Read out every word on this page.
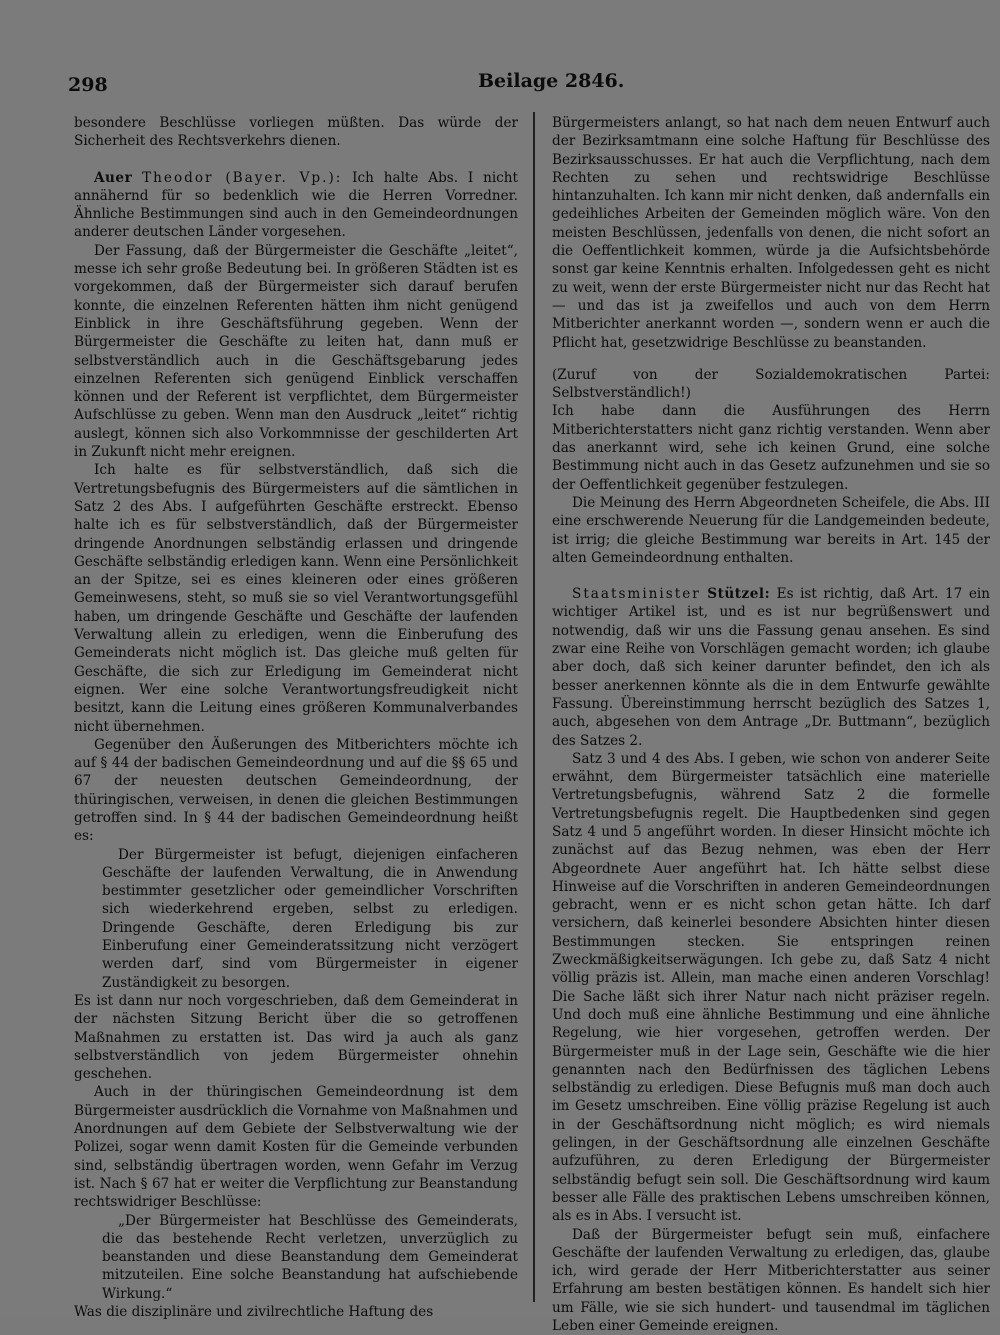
298	Beilage 2846.

besondere Beschlüsse vorliegen müßten. Das würde der Sicherheit des Rechtsverkehrs dienen.

Auer Theodor (Bayer. Vp.): Ich halte Abs. I nicht annähernd für so bedenklich wie die Herren Vorredner. Ähnliche Bestimmungen sind auch in den Gemeindeordnungen anderer deutschen Länder vorgesehen.

Der Fassung, daß der Bürgermeister die Geschäfte „leitet“, messe ich sehr große Bedeutung bei. In größeren Städten ist es vorgekommen, daß der Bürgermeister sich darauf berufen konnte, die einzelnen Referenten hätten ihm nicht genügend Einblick in ihre Geschäftsführung gegeben. Wenn der Bürgermeister die Geschäfte zu leiten hat, dann muß er selbstverständlich auch in die Geschäftsgebarung jedes einzelnen Referenten sich genügend Einblick verschaffen können und der Referent ist verpflichtet, dem Bürgermeister Aufschlüsse zu geben. Wenn man den Ausdruck „leitet“ richtig auslegt, können sich also Vorkommnisse der geschilderten Art in Zukunft nicht mehr ereignen.

Ich halte es für selbstverständlich, daß sich die Vertretungsbefugnis des Bürgermeisters auf die sämtlichen in Satz 2 des Abs. I aufgeführten Geschäfte erstreckt. Ebenso halte ich es für selbstverständlich, daß der Bürgermeister dringende Anordnungen selbständig erlassen und dringende Geschäfte selbständig erledigen kann. Wenn eine Persönlichkeit an der Spitze, sei es eines kleineren oder eines größeren Gemeinwesens, steht, so muß sie so viel Verantwortungsgefühl haben, um dringende Geschäfte und Geschäfte der laufenden Verwaltung allein zu erledigen, wenn die Einberufung des Gemeinderats nicht möglich ist. Das gleiche muß gelten für Geschäfte, die sich zur Erledigung im Gemeinderat nicht eignen. Wer eine solche Verantwortungsfreudigkeit nicht besitzt, kann die Leitung eines größeren Kommunalverbandes nicht übernehmen.

Gegenüber den Äußerungen des Mitberichters möchte ich auf § 44 der badischen Gemeindeordnung und auf die §§ 65 und 67 der neuesten deutschen Gemeindeordnung, der thüringischen, verweisen, in denen die gleichen Bestimmungen getroffen sind. In § 44 der badischen Gemeindeordnung heißt es:

Der Bürgermeister ist befugt, diejenigen einfacheren Geschäfte der laufenden Verwaltung, die in Anwendung bestimmter gesetzlicher oder gemeindlicher Vorschriften sich wiederkehrend ergeben, selbst zu erledigen. Dringende Geschäfte, deren Erledigung bis zur Einberufung einer Gemeinderatssitzung nicht verzögert werden darf, sind vom Bürgermeister in eigener Zuständigkeit zu besorgen.

Es ist dann nur noch vorgeschrieben, daß dem Gemeinderat in der nächsten Sitzung Bericht über die so getroffenen Maßnahmen zu erstatten ist. Das wird ja auch als ganz selbstverständlich von jedem Bürgermeister ohnehin geschehen.

Auch in der thüringischen Gemeindeordnung ist dem Bürgermeister ausdrücklich die Vornahme von Maßnahmen und Anordnungen auf dem Gebiete der Selbstverwaltung wie der Polizei, sogar wenn damit Kosten für die Gemeinde verbunden sind, selbständig übertragen worden, wenn Gefahr im Verzug ist. Nach § 67 hat er weiter die Verpflichtung zur Beanstandung rechtswidriger Beschlüsse:

„Der Bürgermeister hat Beschlüsse des Gemeinderats, die das bestehende Recht verletzen, unverzüglich zu beanstanden und diese Beanstandung dem Gemeinderat mitzuteilen. Eine solche Beanstandung hat aufschiebende Wirkung.“

Was die disziplinäre und zivilrechtliche Haftung des

Bürgermeisters anlangt, so hat nach dem neuen Entwurf auch der Bezirksamtmann eine solche Haftung für Beschlüsse des Bezirksausschusses. Er hat auch die Verpflichtung, nach dem Rechten zu sehen und rechtswidrige Beschlüsse hintanzuhalten. Ich kann mir nicht denken, daß andernfalls ein gedeihliches Arbeiten der Gemeinden möglich wäre. Von den meisten Beschlüssen, jedenfalls von denen, die nicht sofort an die Oeffentlichkeit kommen, würde ja die Aufsichtsbehörde sonst gar keine Kenntnis erhalten. Infolgedessen geht es nicht zu weit, wenn der erste Bürgermeister nicht nur das Recht hat — und das ist ja zweifellos und auch von dem Herrn Mitberichter anerkannt worden —, sondern wenn er auch die Pflicht hat, gesetzwidrige Beschlüsse zu beanstanden.

(Zuruf von der Sozialdemokratischen Partei: Selbstverständlich!)

Ich habe dann die Ausführungen des Herrn Mitberichterstatters nicht ganz richtig verstanden. Wenn aber das anerkannt wird, sehe ich keinen Grund, eine solche Bestimmung nicht auch in das Gesetz aufzunehmen und sie so der Oeffentlichkeit gegenüber festzulegen.

Die Meinung des Herrn Abgeordneten Scheifele, die Abs. III eine erschwerende Neuerung für die Landgemeinden bedeute, ist irrig; die gleiche Bestimmung war bereits in Art. 145 der alten Gemeindeordnung enthalten.

Staatsminister Stützel: Es ist richtig, daß Art. 17 ein wichtiger Artikel ist, und es ist nur begrüßenswert und notwendig, daß wir uns die Fassung genau ansehen. Es sind zwar eine Reihe von Vorschlägen gemacht worden; ich glaube aber doch, daß sich keiner darunter befindet, den ich als besser anerkennen könnte als die in dem Entwurfe gewählte Fassung. Übereinstimmung herrscht bezüglich des Satzes 1, auch, abgesehen von dem Antrage „Dr. Buttmann“, bezüglich des Satzes 2.

Satz 3 und 4 des Abs. I geben, wie schon von anderer Seite erwähnt, dem Bürgermeister tatsächlich eine materielle Vertretungsbefugnis, während Satz 2 die formelle Vertretungsbefugnis regelt. Die Hauptbedenken sind gegen Satz 4 und 5 angeführt worden. In dieser Hinsicht möchte ich zunächst auf das Bezug nehmen, was eben der Herr Abgeordnete Auer angeführt hat. Ich hätte selbst diese Hinweise auf die Vorschriften in anderen Gemeindeordnungen gebracht, wenn er es nicht schon getan hätte. Ich darf versichern, daß keinerlei besondere Absichten hinter diesen Bestimmungen stecken. Sie entspringen reinen Zweckmäßigkeitserwägungen. Ich gebe zu, daß Satz 4 nicht völlig präzis ist. Allein, man mache einen anderen Vorschlag! Die Sache läßt sich ihrer Natur nach nicht präziser regeln. Und doch muß eine ähnliche Bestimmung und eine ähnliche Regelung, wie hier vorgesehen, getroffen werden. Der Bürgermeister muß in der Lage sein, Geschäfte wie die hier genannten nach den Bedürfnissen des täglichen Lebens selbständig zu erledigen. Diese Befugnis muß man doch auch im Gesetz umschreiben. Eine völlig präzise Regelung ist auch in der Geschäftsordnung nicht möglich; es wird niemals gelingen, in der Geschäftsordnung alle einzelnen Geschäfte aufzuführen, zu deren Erledigung der Bürgermeister selbständig befugt sein soll. Die Geschäftsordnung wird kaum besser alle Fälle des praktischen Lebens umschreiben können, als es in Abs. I versucht ist.

Daß der Bürgermeister befugt sein muß, einfachere Geschäfte der laufenden Verwaltung zu erledigen, das, glaube ich, wird gerade der Herr Mitberichterstatter aus seiner Erfahrung am besten bestätigen können. Es handelt sich hier um Fälle, wie sie sich hundert- und tausendmal im täglichen Leben einer Gemeinde ereignen.
